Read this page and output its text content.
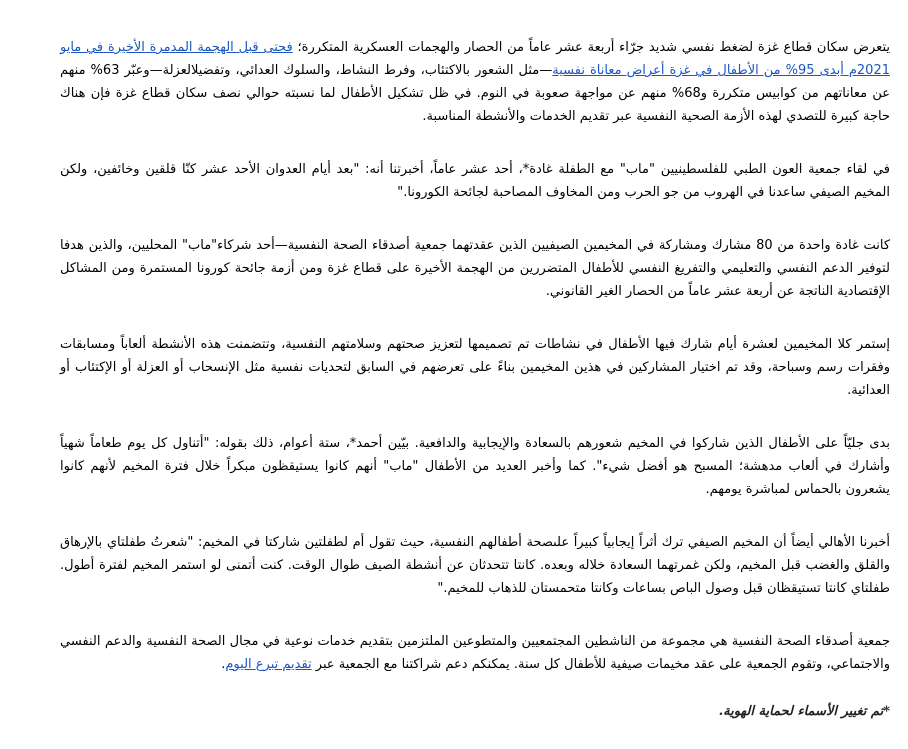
يتعرض سكان قطاع غزة لضغط نفسي شديد جرّاء أربعة عشر عاماً من الحصار والهجمات العسكرية المتكررة؛ فحتى قبل الهجمة المدمرة الأخيرة في مايو 2021م أبدى 95% من الأطفال في غزة أعراض معاناة نفسية—مثل الشعور بالاكتئاب، وفرط النشاط، والسلوك العدائي، وتفضيلالعزلة—وعبّر 63% منهم عن معاناتهم من كوابيس متكررة و68% منهم عن مواجهة صعوبة في النوم. في ظل تشكيل الأطفال لما نسبته حوالي نصف سكان قطاع غزة فإن هناك حاجة كبيرة للتصدي لهذه الأزمة الصحية النفسية عبر تقديم الخدمات والأنشطة المناسبة.

في لقاء جمعية العون الطبي للفلسطينيين "ماب" مع الطفلة غادة*، أحد عشر عاماً، أخبرتنا أنه: "بعد أيام العدوان الأحد عشر كنّا قلقين وخائفين، ولكن المخيم الصيفي ساعدنا في الهروب من جو الحرب ومن المخاوف المصاحبة لجائحة الكورونا."

كانت غادة واحدة من 80 مشارك ومشاركة في المخيمين الصيفيين الذين عقدتهما جمعية أصدقاء الصحة النفسية—أحد شركاء"ماب" المحليين، والذين هدفا لتوفير الدعم النفسي والتعليمي والتفريغ النفسي للأطفال المتضررين من الهجمة الأخيرة على قطاع غزة ومن أزمة جائحة كورونا المستمرة ومن المشاكل الإقتصادية الناتجة عن أربعة عشر عاماً من الحصار الغير القانوني.

إستمر كلا المخيمين لعشرة أيام شارك فيها الأطفال في نشاطات تم تصميمها لتعزيز صحتهم وسلامتهم النفسية، وتتضمنت هذه الأنشطة ألعاباً ومسابقات وفقرات رسم وسباحة، وقد تم اختيار المشاركين في هذين المخيمين بناءً على تعرضهم في السابق لتحديات نفسية مثل الإنسحاب أو العزلة أو الإكتئاب أو العدائية.

بدى جليّاً على الأطفال الذين شاركوا في المخيم شعورهم بالسعادة والإيجابية والدافعية. بيّين أحمد*، ستة أعوام، ذلك بقوله: "أتناول كل يوم طعاماً شهياً وأشارك في ألعاب مدهشة؛ المسبح هو أفضل شيء". كما وأخبر العديد من الأطفال "ماب" أنهم كانوا يستيقظون مبكراً خلال فترة المخيم لأنهم كانوا يشعرون بالحماس لمباشرة يومهم.

أخبرنا الأهالي أيضاً أن المخيم الصيفي ترك أثراً إيجابياً كبيراً علىصحة أطفالهم النفسية، حيث تقول أم لطفلتين شاركتا في المخيم: "شعرتُ طفلتاي بالإرهاق والقلق والغضب قبل المخيم، ولكن غمرتهما السعادة خلاله وبعده. كانتا تتحدثان عن أنشطة الصيف طوال الوقت. كنت أتمنى لو استمر المخيم لفترة أطول. طفلتاي كانتا تستيقظان قبل وصول الباص بساعات وكانتا متحمستان للذهاب للمخيم."

جمعية أصدقاء الصحة النفسية هي مجموعة من الناشطين المجتمعيين والمتطوعين الملتزمين بتقديم خدمات نوعية في مجال الصحة النفسية والدعم النفسي والاجتماعي، وتقوم الجمعية على عقد مخيمات صيفية للأطفال كل سنة. يمكنكم دعم شراكتنا مع الجمعية عبر تقديم تبرع اليوم.

*تم تغيير الأسماء لحماية الهوية.
